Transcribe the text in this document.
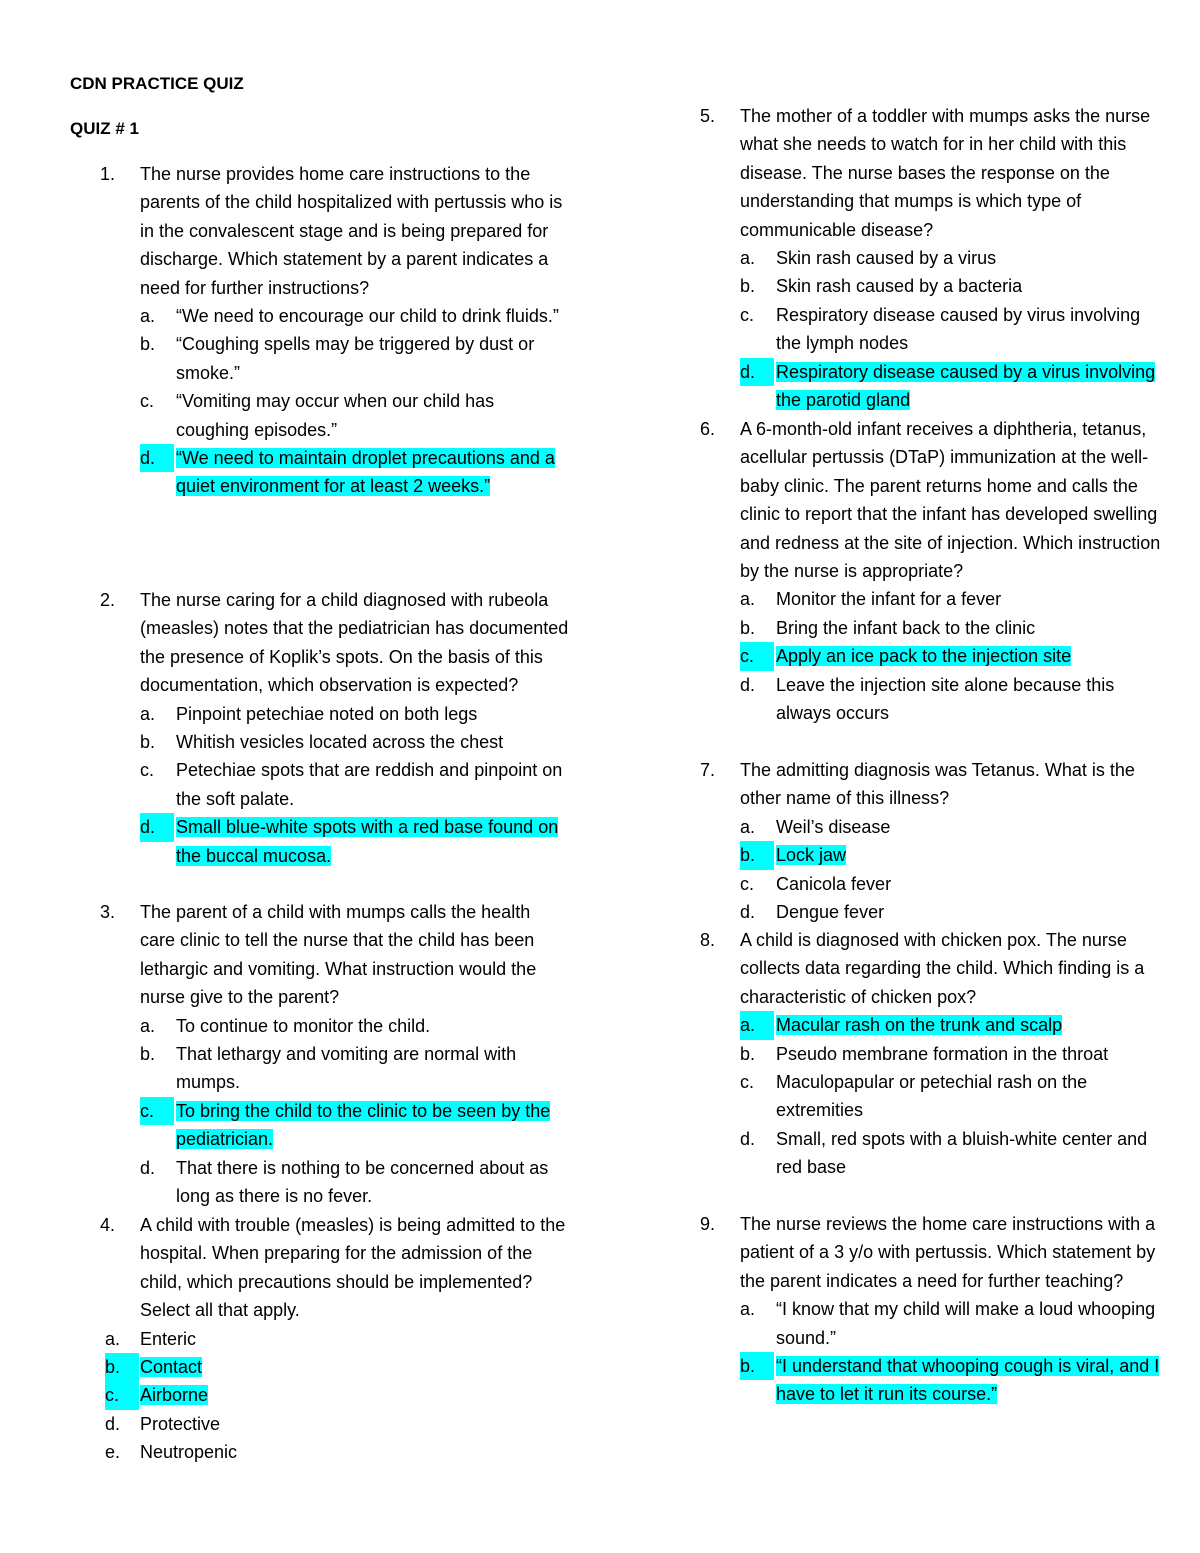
CDN PRACTICE QUIZ
QUIZ # 1
1.	The nurse provides home care instructions to the parents of the child hospitalized with pertussis who is in the convalescent stage and is being prepared for discharge. Which statement by a parent indicates a need for further instructions?
a.	“We need to encourage our child to drink fluids.”
b.	“Coughing spells may be triggered by dust or smoke.”
c.	“Vomiting may occur when our child has coughing episodes.”
d.	“We need to maintain droplet precautions and a quiet environment for at least 2 weeks.”
2.	The nurse caring for a child diagnosed with rubeola (measles) notes that the pediatrician has documented the presence of Koplik’s spots. On the basis of this documentation, which observation is expected?
a.	Pinpoint petechiae noted on both legs
b.	Whitish vesicles located across the chest
c.	Petechiae spots that are reddish and pinpoint on the soft palate.
d.	Small blue-white spots with a red base found on the buccal mucosa.
3.	The parent of a child with mumps calls the health care clinic to tell the nurse that the child has been lethargic and vomiting. What instruction would the nurse give to the parent?
a.	To continue to monitor the child.
b.	That lethargy and vomiting are normal with mumps.
c.	To bring the child to the clinic to be seen by the pediatrician.
d.	That there is nothing to be concerned about as long as there is no fever.
4.	A child with trouble (measles) is being admitted to the hospital. When preparing for the admission of the child, which precautions should be implemented? Select all that apply.
a.	Enteric
b.	Contact
c.	Airborne
d.	Protective
e.	Neutropenic
5.	The mother of a toddler with mumps asks the nurse what she needs to watch for in her child with this disease. The nurse bases the response on the understanding that mumps is which type of communicable disease?
a.	Skin rash caused by a virus
b.	Skin rash caused by a bacteria
c.	Respiratory disease caused by virus involving the lymph nodes
d.	Respiratory disease caused by a virus involving the parotid gland
6.	A 6-month-old infant receives a diphtheria, tetanus, acellular pertussis (DTaP) immunization at the well-baby clinic. The parent returns home and calls the clinic to report that the infant has developed swelling and redness at the site of injection. Which instruction by the nurse is appropriate?
a.	Monitor the infant for a fever
b.	Bring the infant back to the clinic
c.	Apply an ice pack to the injection site
d.	Leave the injection site alone because this always occurs
7.	The admitting diagnosis was Tetanus. What is the other name of this illness?
a.	Weil’s disease
b.	Lock jaw
c.	Canicola fever
d.	Dengue fever
8.	A child is diagnosed with chicken pox. The nurse collects data regarding the child. Which finding is a characteristic of chicken pox?
a.	Macular rash on the trunk and scalp
b.	Pseudo membrane formation in the throat
c.	Maculopapular or petechial rash on the extremities
d.	Small, red spots with a bluish-white center and red base
9.	The nurse reviews the home care instructions with a patient of a 3 y/o with pertussis. Which statement by the parent indicates a need for further teaching?
a.	“I know that my child will make a loud whooping sound.”
b.	“I understand that whooping cough is viral, and I have to let it run its course.”
